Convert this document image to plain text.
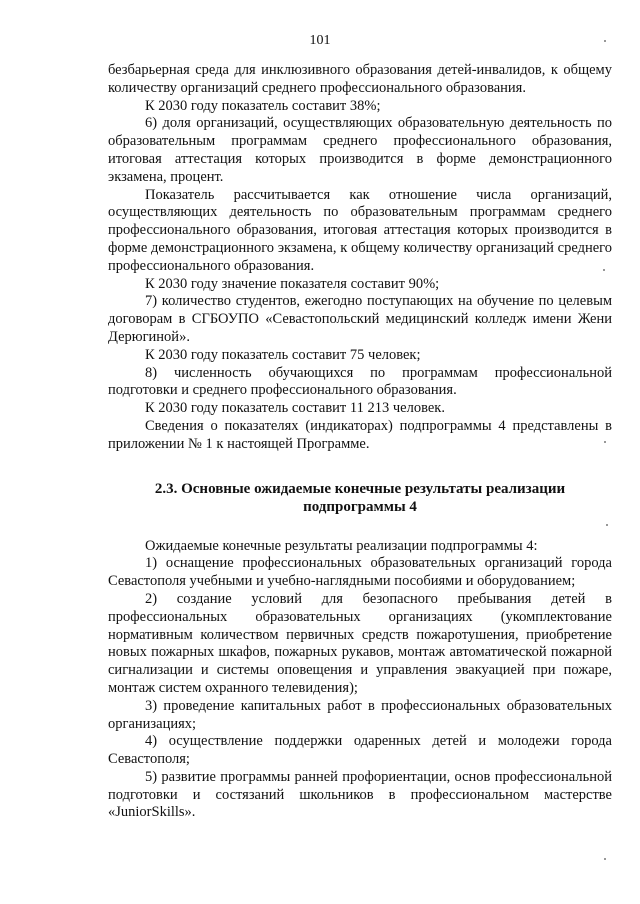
101

безбарьерная среда для инклюзивного образования детей-инвалидов, к общему количеству организаций среднего профессионального образования.

К 2030 году показатель составит 38%;

6) доля организаций, осуществляющих образовательную деятельность по образовательным программам среднего профессионального образования, итоговая аттестация которых производится в форме демонстрационного экзамена, процент.

Показатель рассчитывается как отношение числа организаций, осуществляющих деятельность по образовательным программам среднего профессионального образования, итоговая аттестация которых производится в форме демонстрационного экзамена, к общему количеству организаций среднего профессионального образования.

К 2030 году значение показателя составит 90%;

7) количество студентов, ежегодно поступающих на обучение по целевым договорам в СГБОУПО «Севастопольский медицинский колледж имени Жени Дерюгиной».

К 2030 году показатель составит 75 человек;

8) численность обучающихся по программам профессиональной подготовки и среднего профессионального образования.

К 2030 году показатель составит 11 213 человек.

Сведения о показателях (индикаторах) подпрограммы 4 представлены в приложении № 1 к настоящей Программе.

2.3. Основные ожидаемые конечные результаты реализации
подпрограммы 4

Ожидаемые конечные результаты реализации подпрограммы 4:

1) оснащение профессиональных образовательных организаций города Севастополя учебными и учебно-наглядными пособиями и оборудованием;

2) создание условий для безопасного пребывания детей в профессиональных образовательных организациях (укомплектование нормативным количеством первичных средств пожаротушения, приобретение новых пожарных шкафов, пожарных рукавов, монтаж автоматической пожарной сигнализации и системы оповещения и управления эвакуацией при пожаре, монтаж систем охранного телевидения);

3) проведение капитальных работ в профессиональных образовательных организациях;

4) осуществление поддержки одаренных детей и молодежи города Севастополя;

5) развитие программы ранней профориентации, основ профессиональной подготовки и состязаний школьников в профессиональном мастерстве «JuniorSkills».
